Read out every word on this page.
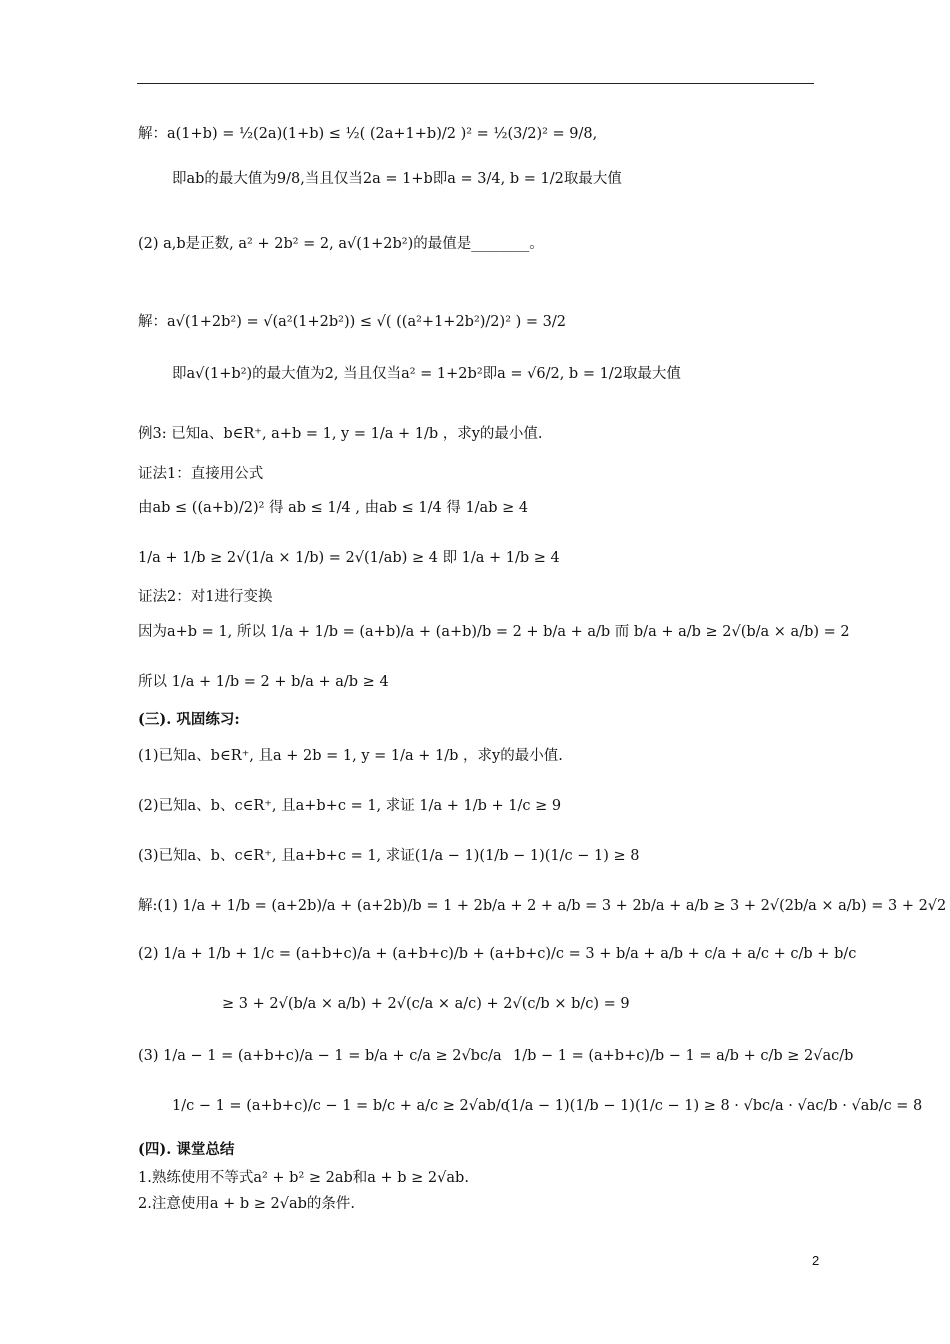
解：a(1+b) = ½(2a)(1+b) ≤ ½( (2a+1+b)/2 )² = ½(3/2)² = 9/8,
即ab的最大值为9/8,当且仅当2a = 1+b即a = 3/4, b = 1/2取最大值
(2) a,b是正数, a² + 2b² = 2, a√(1+2b²)的最值是________。
解：a√(1+2b²) = √(a²(1+2b²)) ≤ √( ((a²+1+2b²)/2)² ) = 3/2
即a√(1+b²)的最大值为2, 当且仅当a² = 1+2b²即a = √6/2, b = 1/2取最大值
例3: 已知a、b∈R⁺, a+b = 1, y = 1/a + 1/b ，求y的最小值.
证法1：直接用公式
由ab ≤ ((a+b)/2)² 得 ab ≤ 1/4 , 由ab ≤ 1/4 得 1/ab ≥ 4
1/a + 1/b ≥ 2√(1/a × 1/b) = 2√(1/ab) ≥ 4 即 1/a + 1/b ≥ 4
证法2：对1进行变换
因为a+b = 1, 所以 1/a + 1/b = (a+b)/a + (a+b)/b = 2 + b/a + a/b 而 b/a + a/b ≥ 2√(b/a × a/b) = 2
所以 1/a + 1/b = 2 + b/a + a/b ≥ 4
(三). 巩固练习:
(1)已知a、b∈R⁺, 且a + 2b = 1, y = 1/a + 1/b ，求y的最小值.
(2)已知a、b、c∈R⁺, 且a+b+c = 1, 求证 1/a + 1/b + 1/c ≥ 9
(3)已知a、b、c∈R⁺, 且a+b+c = 1, 求证(1/a − 1)(1/b − 1)(1/c − 1) ≥ 8
解:(1) 1/a + 1/b = (a+2b)/a + (a+2b)/b = 1 + 2b/a + 2 + a/b = 3 + 2b/a + a/b ≥ 3 + 2√(2b/a × a/b) = 3 + 2√2
(2) 1/a + 1/b + 1/c = (a+b+c)/a + (a+b+c)/b + (a+b+c)/c = 3 + b/a + a/b + c/a + a/c + c/b + b/c
≥ 3 + 2√(b/a × a/b) + 2√(c/a × a/c) + 2√(c/b × b/c) = 9
(3) 1/a − 1 = (a+b+c)/a − 1 = b/a + c/a ≥ 2√bc/a 1/b − 1 = (a+b+c)/b − 1 = a/b + c/b ≥ 2√ac/b
1/c − 1 = (a+b+c)/c − 1 = b/c + a/c ≥ 2√ab/c
(1/a − 1)(1/b − 1)(1/c − 1) ≥ 8 · √bc/a · √ac/b · √ab/c = 8
(四). 课堂总结
1.熟练使用不等式a² + b² ≥ 2ab和a + b ≥ 2√ab.
2.注意使用a + b ≥ 2√ab的条件.
2
